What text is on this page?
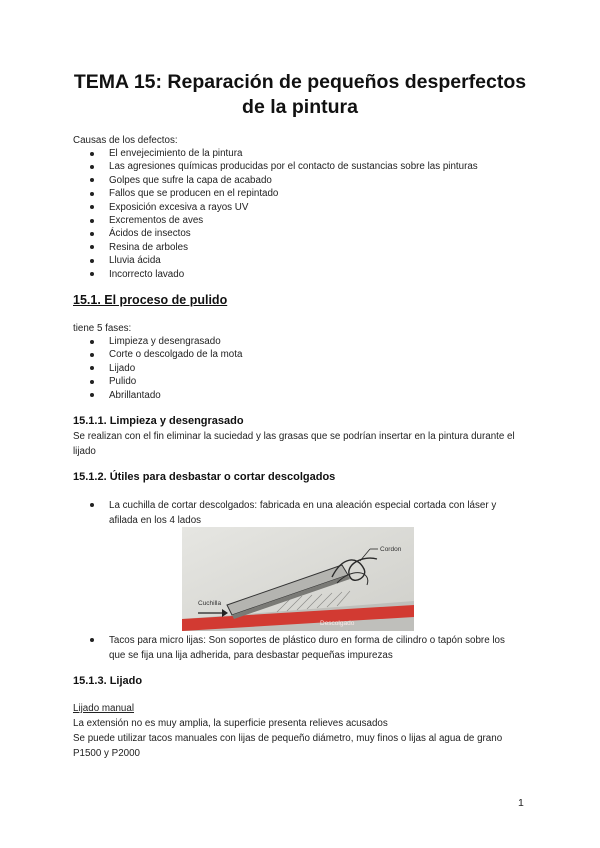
TEMA 15: Reparación de pequeños desperfectos de la pintura
Causas de los defectos:
El envejecimiento de la pintura
Las agresiones químicas producidas por el contacto de sustancias sobre las pinturas
Golpes que sufre la capa de acabado
Fallos que se producen en el repintado
Exposición excesiva a rayos UV
Excrementos de aves
Ácidos de insectos
Resina de arboles
Lluvia ácida
Incorrecto lavado
15.1. El proceso de pulido
tiene 5 fases:
Limpieza y desengrasado
Corte o descolgado de la mota
Lijado
Pulido
Abrillantado
15.1.1. Limpieza y desengrasado
Se realizan con el fin eliminar la suciedad y las grasas que se podrían insertar en la pintura durante el lijado
15.1.2. Útiles para desbastar o cortar descolgados
La cuchilla de cortar descolgados: fabricada en una aleación especial cortada con láser y afilada en los 4 lados
Cordon
Cuchilla
Descolgado
Tacos para micro lijas: Son soportes de plástico duro en forma de cilindro o tapón sobre los que se fija una lija adherida, para desbastar pequeñas impurezas
15.1.3. Lijado
Lijado manual
La extensión no es muy amplia, la superficie presenta relieves acusados
Se puede utilizar tacos manuales con lijas de pequeño diámetro, muy finos o lijas al agua de grano P1500 y P2000
1
